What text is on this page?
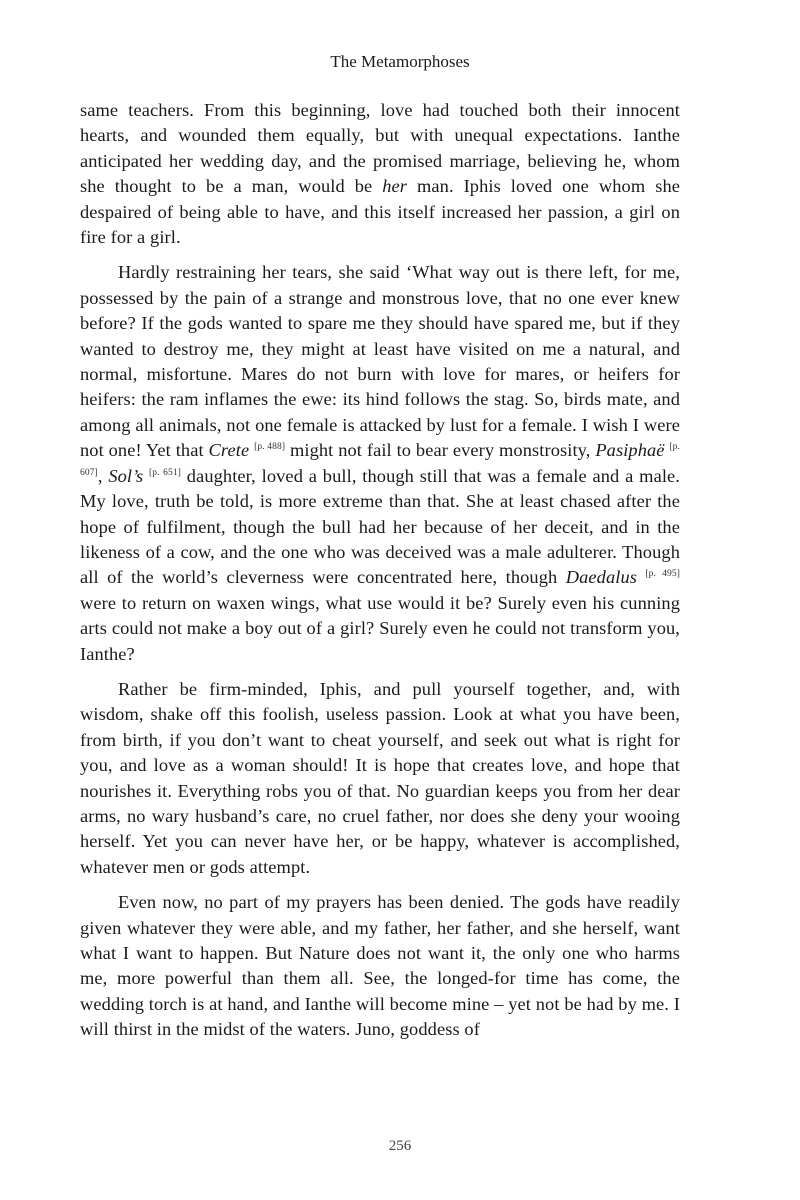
The Metamorphoses

same teachers. From this beginning, love had touched both their innocent hearts, and wounded them equally, but with unequal expectations. Ianthe anticipated her wedding day, and the promised marriage, believing he, whom she thought to be a man, would be her man. Iphis loved one whom she despaired of being able to have, and this itself increased her passion, a girl on fire for a girl.

Hardly restraining her tears, she said ‘What way out is there left, for me, possessed by the pain of a strange and monstrous love, that no one ever knew before? If the gods wanted to spare me they should have spared me, but if they wanted to destroy me, they might at least have visited on me a natural, and normal, misfortune. Mares do not burn with love for mares, or heifers for heifers: the ram inflames the ewe: its hind follows the stag. So, birds mate, and among all animals, not one female is attacked by lust for a female. I wish I were not one! Yet that Crete [p. 488] might not fail to bear every monstrosity, Pasiphaë [p. 607], Sol’s [p. 651] daughter, loved a bull, though still that was a female and a male. My love, truth be told, is more extreme than that. She at least chased after the hope of fulfilment, though the bull had her because of her deceit, and in the likeness of a cow, and the one who was deceived was a male adulterer. Though all of the world’s cleverness were concentrated here, though Daedalus [p. 495] were to return on waxen wings, what use would it be? Surely even his cunning arts could not make a boy out of a girl? Surely even he could not transform you, Ianthe?

Rather be firm-minded, Iphis, and pull yourself together, and, with wisdom, shake off this foolish, useless passion. Look at what you have been, from birth, if you don’t want to cheat yourself, and seek out what is right for you, and love as a woman should! It is hope that creates love, and hope that nourishes it. Everything robs you of that. No guardian keeps you from her dear arms, no wary husband’s care, no cruel father, nor does she deny your wooing herself. Yet you can never have her, or be happy, whatever is accomplished, whatever men or gods attempt.

Even now, no part of my prayers has been denied. The gods have readily given whatever they were able, and my father, her father, and she herself, want what I want to happen. But Nature does not want it, the only one who harms me, more powerful than them all. See, the longed-for time has come, the wedding torch is at hand, and Ianthe will become mine – yet not be had by me. I will thirst in the midst of the waters. Juno, goddess of

256
